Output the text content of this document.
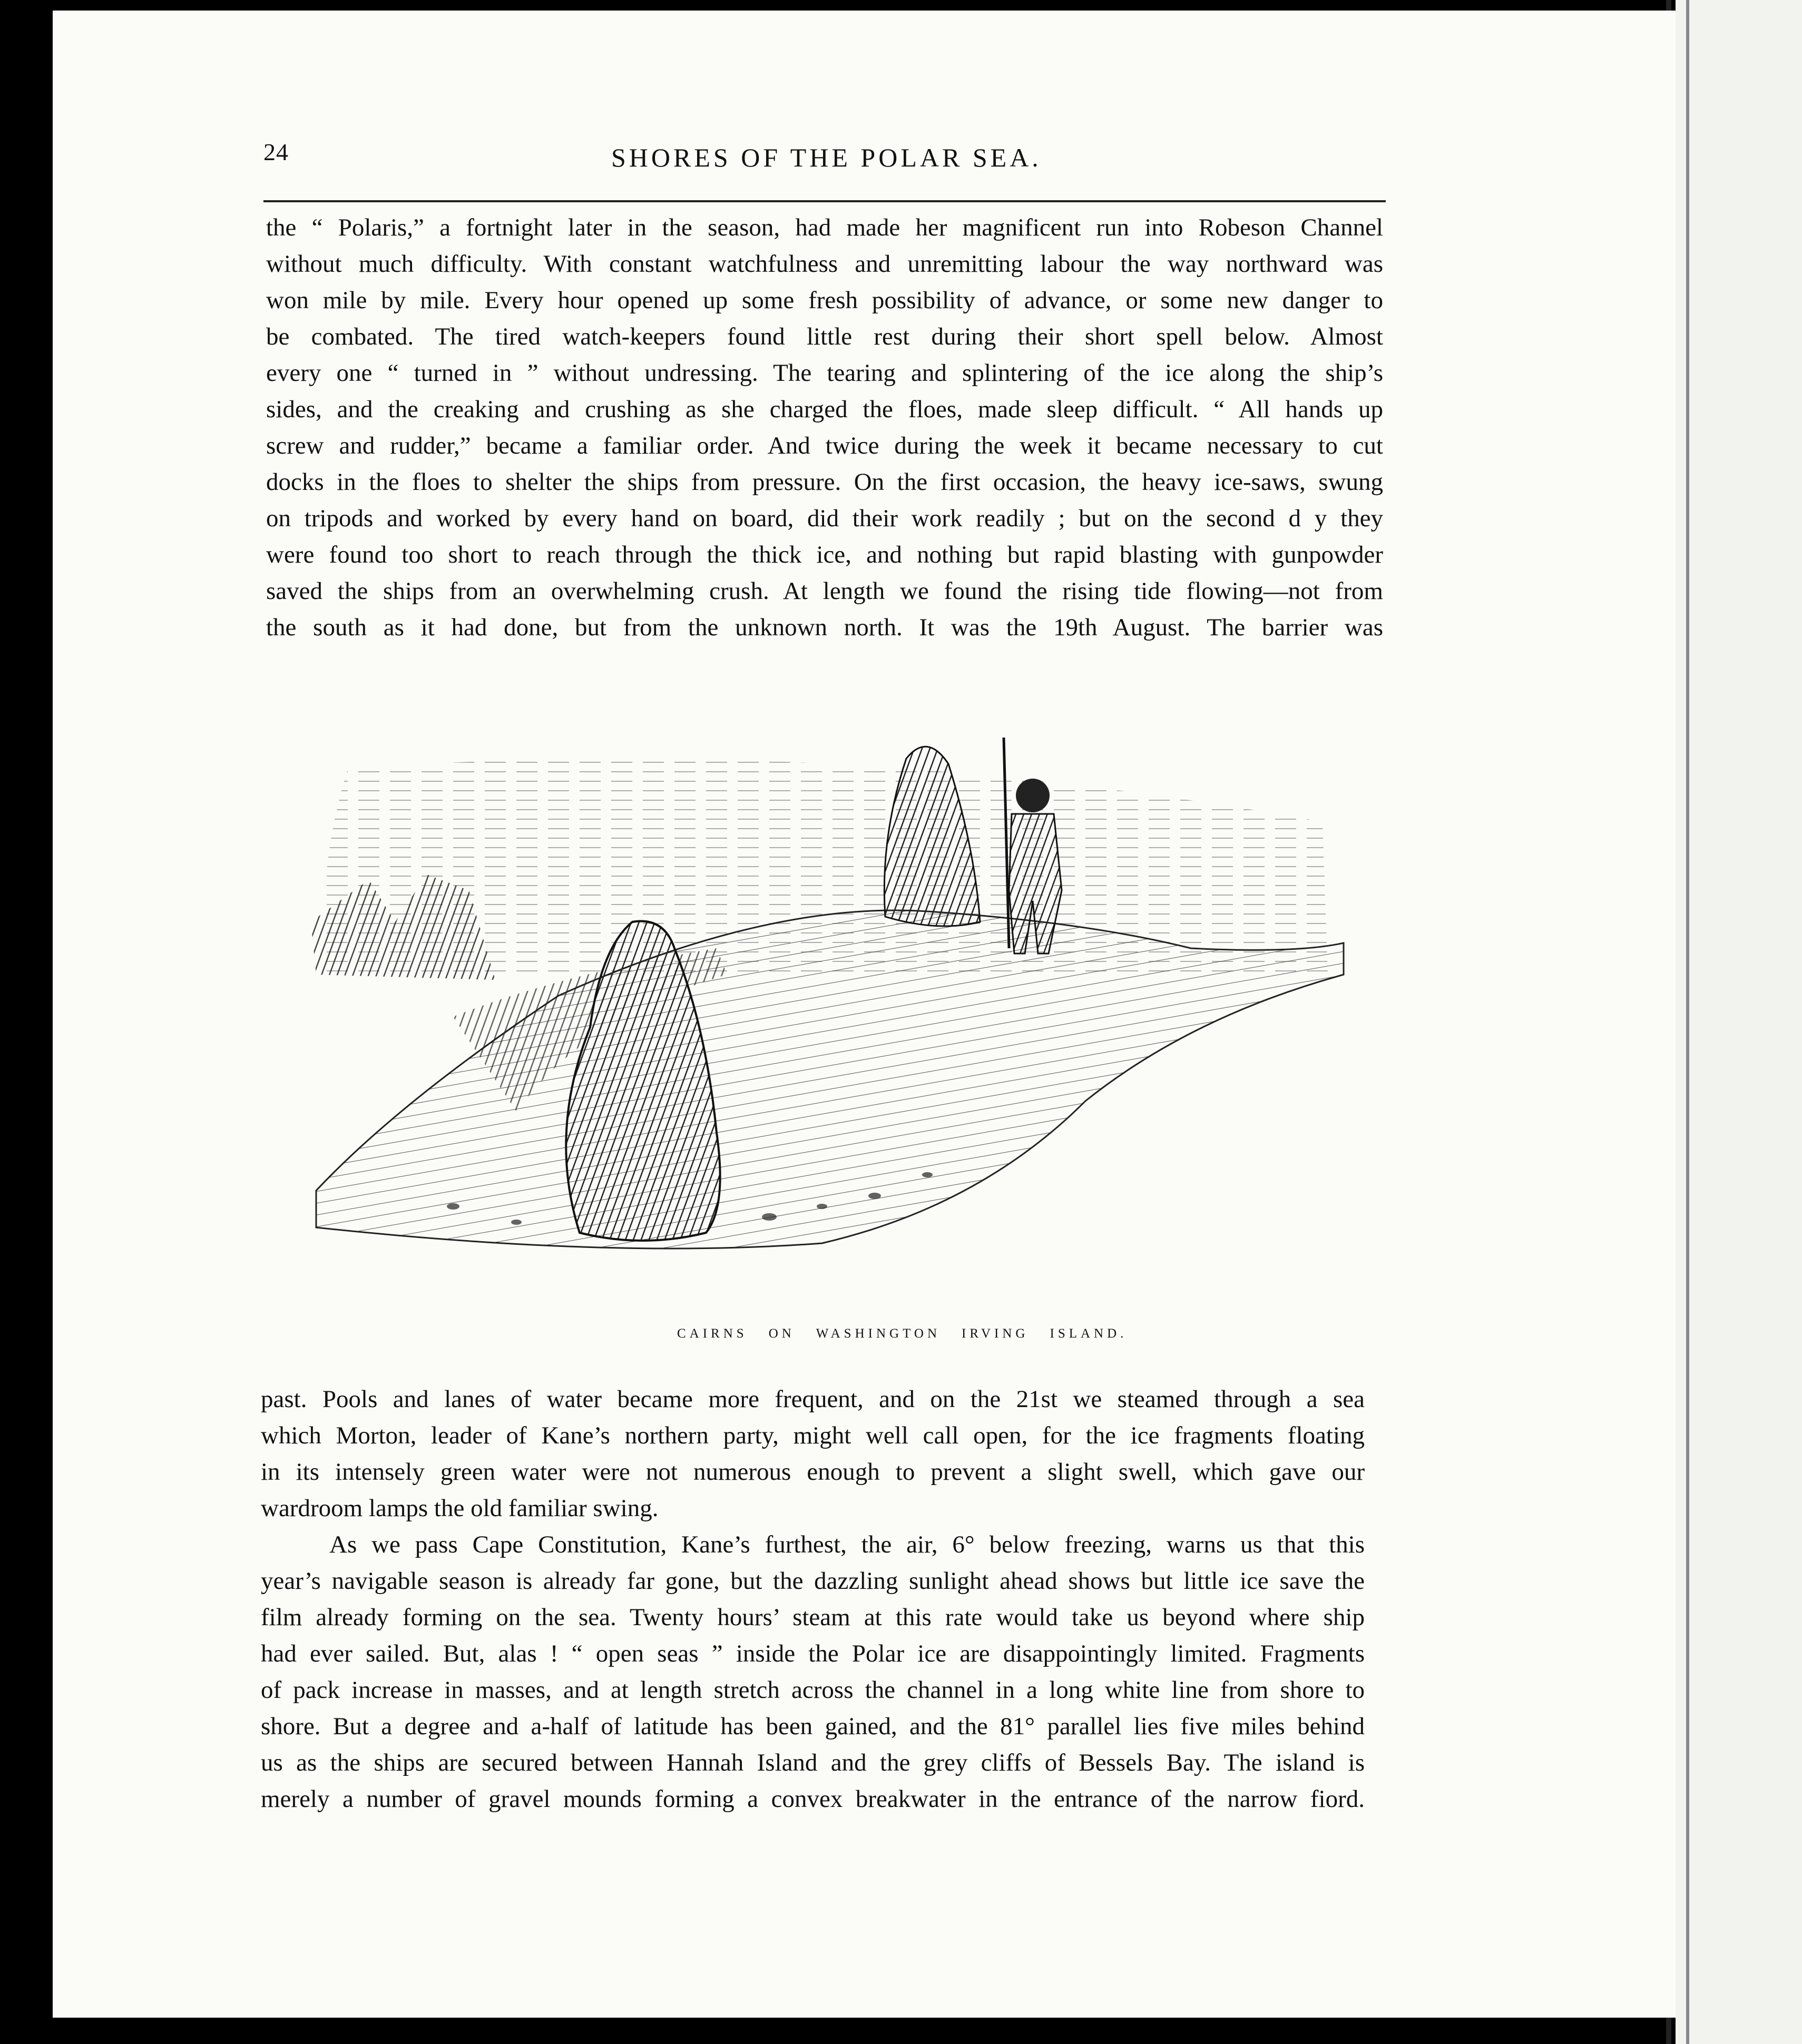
24	SHORES OF THE POLAR SEA.
the “ Polaris,” a fortnight later in the season, had made her magnificent run into Robeson Channel
without much difficulty. With constant watchfulness and unremitting labour the way northward was
won mile by mile. Every hour opened up some fresh possibility of advance, or some new danger to
be combated. The tired watch-keepers found little rest during their short spell below. Almost
every one “ turned in ” without undressing. The tearing and splintering of the ice along the ship’s
sides, and the creaking and crushing as she charged the floes, made sleep difficult. “ All hands up
screw and rudder,” became a familiar order. And twice during the week it became necessary to cut
docks in the floes to shelter the ships from pressure. On the first occasion, the heavy ice-saws, swung
on tripods and worked by every hand on board, did their work readily ; but on the second d y they
were found too short to reach through the thick ice, and nothing but rapid blasting with gunpowder
saved the ships from an overwhelming crush. At length we found the rising tide flowing—not from
the south as it had done, but from the unknown north. It was the 19th August. The barrier was
CAIRNS ON WASHINGTON IRVING ISLAND.
past. Pools and lanes of water became more frequent, and on the 21st we steamed through a sea
which Morton, leader of Kane’s northern party, might well call open, for the ice fragments floating
in its intensely green water were not numerous enough to prevent a slight swell, which gave our
wardroom lamps the old familiar swing.
As we pass Cape Constitution, Kane’s furthest, the air, 6° below freezing, warns us that this
year’s navigable season is already far gone, but the dazzling sunlight ahead shows but little ice save the
film already forming on the sea. Twenty hours’ steam at this rate would take us beyond where ship
had ever sailed. But, alas ! “ open seas ” inside the Polar ice are disappointingly limited. Fragments
of pack increase in masses, and at length stretch across the channel in a long white line from shore to
shore. But a degree and a-half of latitude has been gained, and the 81° parallel lies five miles behind
us as the ships are secured between Hannah Island and the grey cliffs of Bessels Bay. The island is
merely a number of gravel mounds forming a convex breakwater in the entrance of the narrow fiord.
